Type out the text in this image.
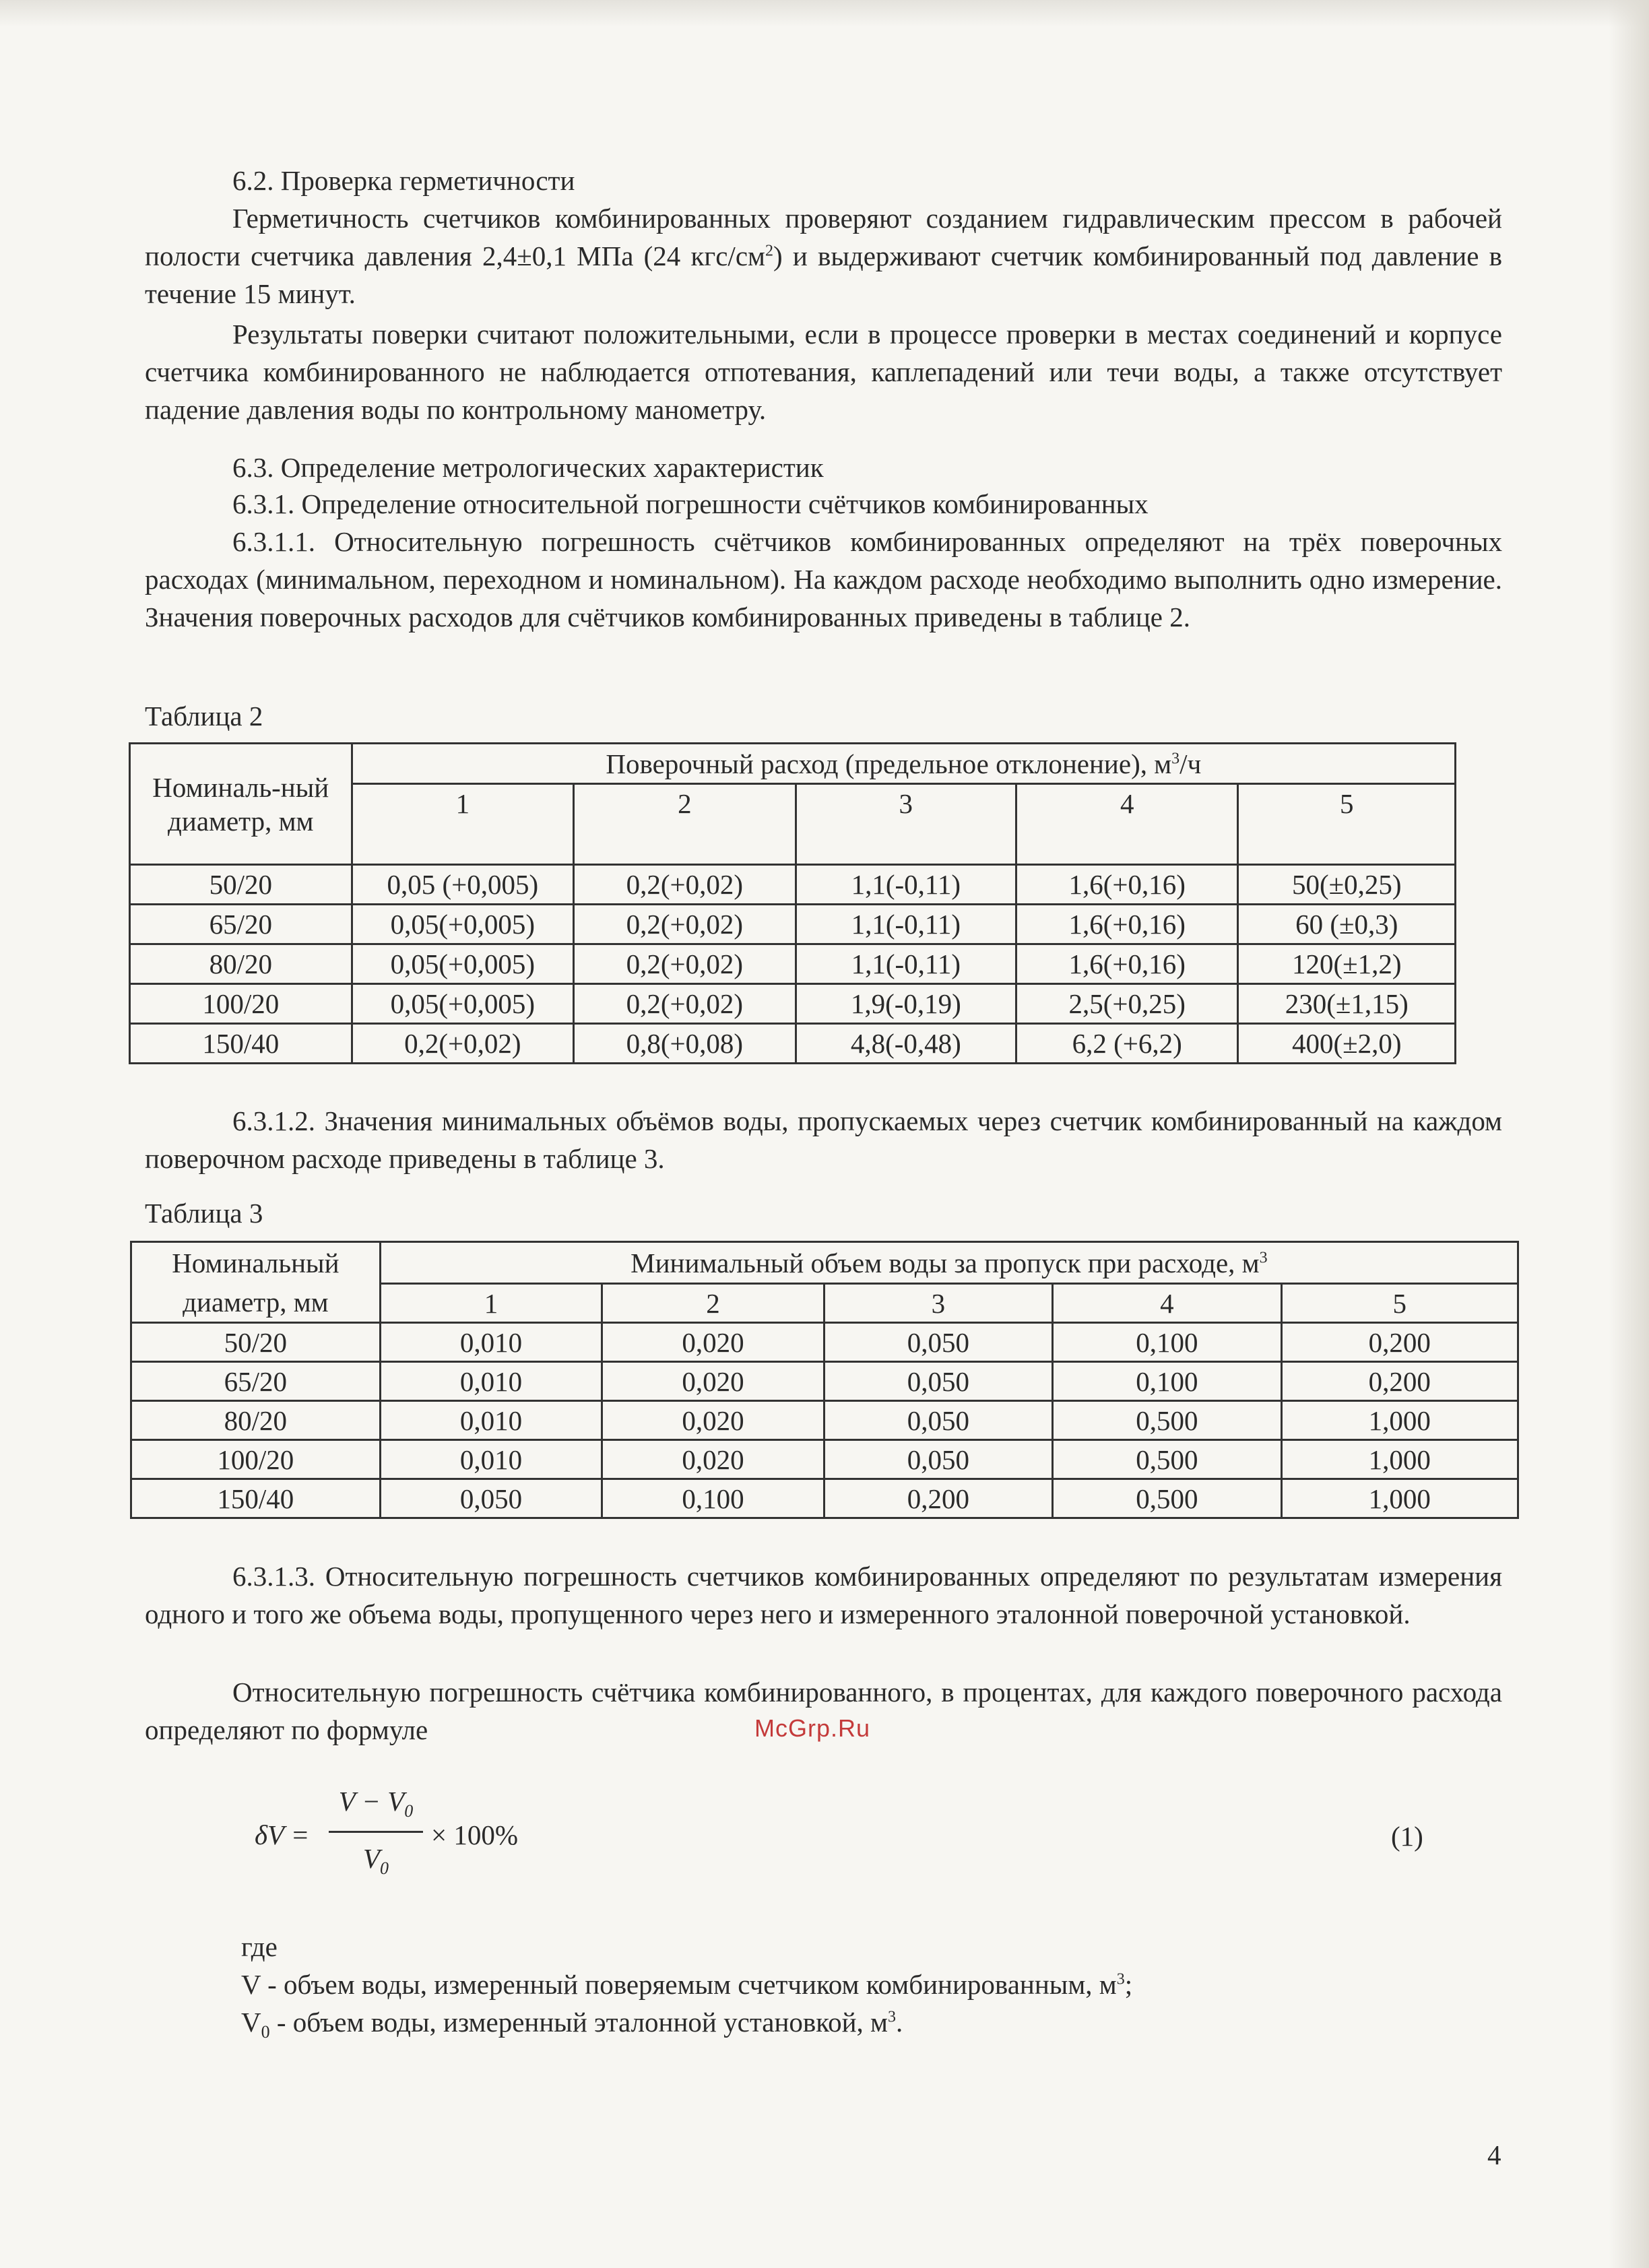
6.2. Проверка герметичности

Герметичность счетчиков комбинированных проверяют созданием гидравлическим прессом в рабочей полости счетчика давления 2,4±0,1 МПа (24 кгс/$см^2$) и выдерживают счетчик комбинированный под давление в течение 15 минут.

Результаты поверки считают положительными, если в процессе проверки в местах соединений и корпусе счетчика комбинированного не наблюдается отпотевания, каплепадений или течи воды, а также отсутствует падение давления воды по контрольному манометру.

6.3. Определение метрологических характеристик

6.3.1. Определение относительной погрешности счётчиков комбинированных

6.3.1.1. Относительную погрешность счётчиков комбинированных определяют на трёх поверочных расходах (минимальном, переходном и номинальном). На каждом расходе необходимо выполнить одно измерение. Значения поверочных расходов для счётчиков комбинированных приведены в таблице 2.

Таблица 2

Номиналь-ный диаметр, мм	Поверочный расход (предельное отклонение), $м^3/ч$				
	1	2	3	4	5
50/20	0,05 (+0,005)	0,2(+0,02)	1,1(-0,11)	1,6(+0,16)	50(±0,25)
65/20	0,05(+0,005)	0,2(+0,02)	1,1(-0,11)	1,6(+0,16)	60 (±0,3)
80/20	0,05(+0,005)	0,2(+0,02)	1,1(-0,11)	1,6(+0,16)	120(±1,2)
100/20	0,05(+0,005)	0,2(+0,02)	1,9(-0,19)	2,5(+0,25)	230(±1,15)
150/40	0,2(+0,02)	0,8(+0,08)	4,8(-0,48)	6,2 (+6,2)	400(±2,0)

6.3.1.2. Значения минимальных объёмов воды, пропускаемых через счетчик комбинированный на каждом поверочном расходе приведены в таблице 3.

Таблица 3

Номинальный диаметр, мм	Минимальный объем воды за пропуск при расходе, $м^3$
	1	2	3	4	5
50/20	0,010	0,020	0,050	0,100	0,200
65/20	0,010	0,020	0,050	0,100	0,200
80/20	0,010	0,020	0,050	0,500	1,000
100/20	0,010	0,020	0,050	0,500	1,000
150/40	0,050	0,100	0,200	0,500	1,000

6.3.1.3. Относительную погрешность счетчиков комбинированных определяют по результатам измерения одного и того же объема воды, пропущенного через него и измеренного эталонной поверочной установкой.

Относительную погрешность счётчика комбинированного, в процентах, для каждого поверочного расхода определяют по формуле	McGrp.Ru
δV =
$V - V_0$
$V_0$
× 100%	(1)

где

V - объем воды, измеренный поверяемым счетчиком комбинированным, $м^3$;

$V_0$ - объем воды, измеренный эталонной установкой, $м^3$.

4
